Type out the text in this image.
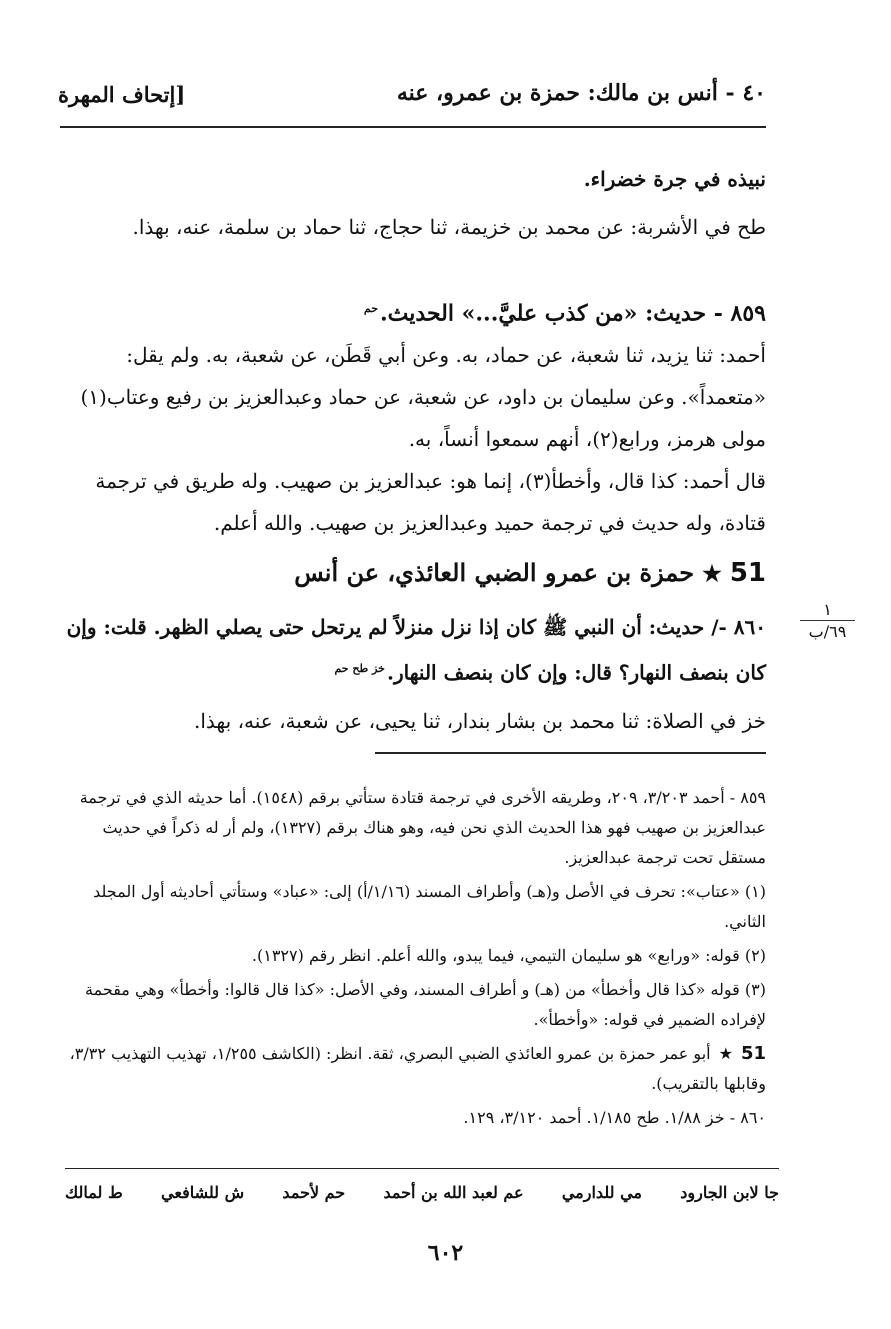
٤٠ - أنس بن مالك: حمزة بن عمرو، عنه
[إتحاف المهرة
نبيذه في جرة خضراء.
طح في الأشربة: عن محمد بن خزيمة، ثنا حجاج، ثنا حماد بن سلمة، عنه، بهذا.
٨٥٩ - حديث: «من كذب عليَّ...» الحديث.$^{حم}$
أحمد: ثنا يزيد، ثنا شعبة، عن حماد، به. وعن أبي قَطَن، عن شعبة، به. ولم يقل: «متعمداً». وعن سليمان بن داود، عن شعبة، عن حماد وعبدالعزيز بن رفيع وعتاب(١) مولى هرمز، ورابع(٢)، أنهم سمعوا أنساً، به.
قال أحمد: كذا قال، وأخطأ(٣)، إنما هو: عبدالعزيز بن صهيب. وله طريق في ترجمة قتادة، وله حديث في ترجمة حميد وعبدالعزيز بن صهيب. والله أعلم.
51★حمزة بن عمرو الضبي العائذي، عن أنس
٨٦٠ -/ حديث: أن النبي ﷺ كان إذا نزل منزلاً لم يرتحل حتى يصلي الظهر. قلت: وإن كان بنصف النهار؟ قال: وإن كان بنصف النهار.$^{خز طح حم}$
خز في الصلاة: ثنا محمد بن بشار بندار، ثنا يحيى، عن شعبة، عنه، بهذا.
١
٦٩/ب

٨٥٩ - أحمد ٣/٢٠٣، ٢٠٩، وطريقه الأخرى في ترجمة قتادة ستأتي برقم (١٥٤٨). أما حديثه الذي في ترجمة عبدالعزيز بن صهيب فهو هذا الحديث الذي نحن فيه، وهو هناك برقم (١٣٢٧)، ولم أر له ذكراً في حديث مستقل تحت ترجمة عبدالعزيز.

(١) «عتاب»: تحرف في الأصل و(هـ) وأطراف المسند (١/١٦/أ) إلى: «عباد» وستأتي أحاديثه أول المجلد الثاني.

(٢) قوله: «ورابع» هو سليمان التيمي، فيما يبدو، والله أعلم. انظر رقم (١٣٢٧).

(٣) قوله «كذا قال وأخطأ» من (هـ) و أطراف المسند، وفي الأصل: «كذا قال قالوا: وأخطأ» وهي مقحمة لإفراده الضمير في قوله: «وأخطأ».

51★أبو عمر حمزة بن عمرو العائذي الضبي البصري، ثقة. انظر: (الكاشف ١/٢٥٥، تهذيب التهذيب ٣/٣٢، وقابلها بالتقريب).

٨٦٠ - خز ١/٨٨. طح ١/١٨٥. أحمد ٣/١٢٠، ١٢٩.

ط لمالك ش للشافعي حم لأحمد عم لعبد الله بن أحمد مي للدارمي جا لابن الجارود
٦٠٢
